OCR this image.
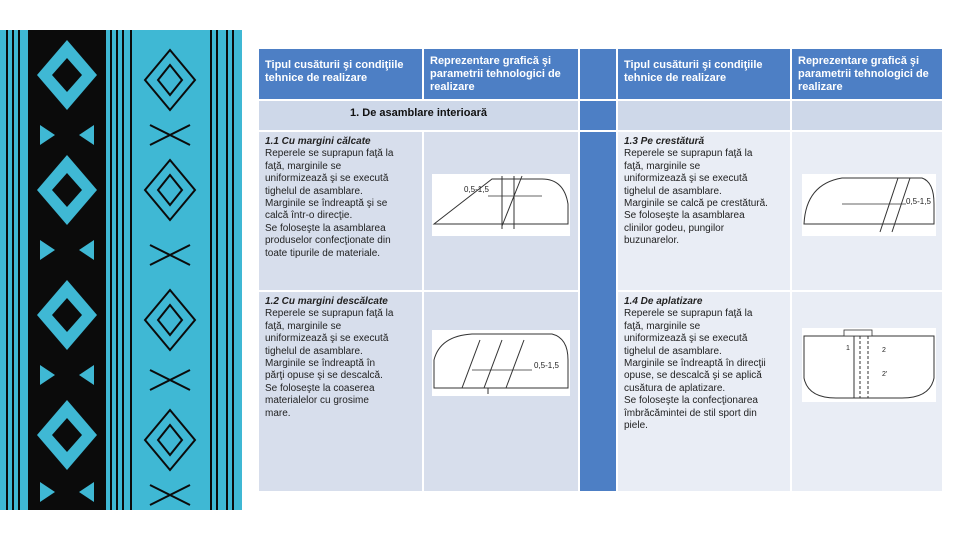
Tipul cusăturii şi condiţiile tehnice de realizare
Reprezentare grafică şi parametrii tehnologici de realizare
Tipul cusăturii şi condiţiile tehnice de realizare
Reprezentare grafică şi parametrii tehnologici de realizare
1. De asamblare interioară
1.1 Cu margini călcate
Reperele se suprapun faţă la
faţă, marginile se
uniformizează şi se execută
tighelul de asamblare.
Marginile se îndreaptă şi se
calcă într-o direcţie.
Se foloseşte la asamblarea
produselor confecţionate din
toate tipurile de materiale.
0,5-1,5
1.2 Cu margini descălcate
Reperele se suprapun faţă la
faţă, marginile se
uniformizează şi se execută
tighelul de asamblare.
Marginile se îndreaptă în
părţi opuse şi se descalcă.
Se foloseşte la coaserea
materialelor cu grosime
mare.
0,5-1,5
1.3 Pe crestătură
Reperele se suprapun faţă la
faţă, marginile se
uniformizează şi se execută
tighelul de asamblare.
Marginile se calcă pe crestătură.
Se foloseşte la asamblarea
clinilor godeu, pungilor
buzunarelor.
0,5-1,5
1.4 De aplatizare
Reperele se suprapun faţă la
faţă, marginile se
uniformizează şi se execută
tighelul de asamblare.
Marginile se îndreaptă în direcţii
opuse, se descalcă şi se aplică
cusătura de aplatizare.
Se foloseşte la confecţionarea
îmbrăcămintei de stil sport din
piele.
1	2
2'
